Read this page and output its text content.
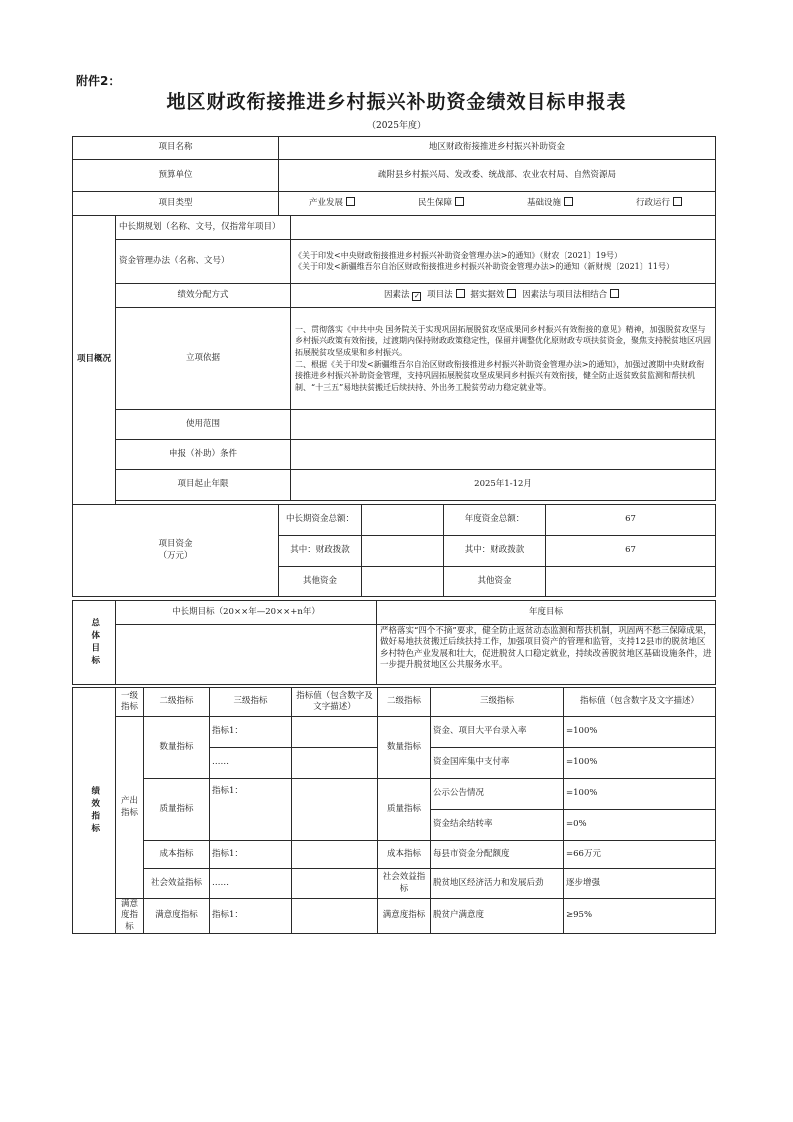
附件2：
地区财政衔接推进乡村振兴补助资金绩效目标申报表
（2025年度）
项目名称		地区财政衔接推进乡村振兴补助资金				
预算单位		疏附县乡村振兴局、发改委、统战部、农业农村局、自然资源局				
项目类型		产业发展 民生保障 基础设施 行政运行				

项目概况	中长期规划（名称、文号，仅指常年项目）					
	资金管理办法（名称、文号）		《关于印发<中央财政衔接推进乡村振兴补助资金管理办法>的通知》（财农〔2021〕19号）
《关于印发<新疆维吾尔自治区财政衔接推进乡村振兴补助资金管理办法>的通知（新财规〔2021〕11号）			

	绩效分配方式		因素法 ✓ 项目法 据实据效 因素法与项目法相结合			
	立项依据		一、贯彻落实《中共中央 国务院关于实现巩固拓展脱贫攻坚成果同乡村振兴有效衔接的意见》精神，加强脱贫攻坚与乡村振兴政策有效衔接，过渡期内保持财政政策稳定性，保留并调整优化原财政专项扶贫资金，聚焦支持脱贫地区巩固拓展脱贫攻坚成果和乡村振兴。
二、根据《关于印发<新疆维吾尔自治区财政衔接推进乡村振兴补助资金管理办法>的通知》，加强过渡期中央财政衔接推进乡村振兴补助资金管理，支持巩固拓展脱贫攻坚成果同乡村振兴有效衔接，健全防止返贫致贫监测和帮扶机制、“十三五”易地扶贫搬迁后续扶持、外出务工脱贫劳动力稳定就业等。			
	使用范围					
	申报（补助）条件					
	项目起止年限		2025年1-12月			

项目资金
（万元）		中长期资金总额：			年度资金总额：	67
		其中：财政拨款			其中：财政拨款	67
		其他资金			其他资金	
总体目标	中长期目标（20××年—20××+n年）	年度目标
		严格落实“四个不摘”要求，健全防止返贫动态监测和帮扶机制，巩固两不愁三保障成果，做好易地扶贫搬迁后续扶持工作，加强项目资产的管理和监管，支持12县市的脱贫地区乡村特色产业发展和壮大，促进脱贫人口稳定就业，持续改善脱贫地区基础设施条件，进一步提升脱贫地区公共服务水平。
绩效指标	一级指标	二级指标	三级指标	指标值（包含数字及文字描述）	二级指标	三级指标	指标值（包含数字及文字描述）
	产出指标	数量指标	指标1：		数量指标	资金、项目大平台录入率	=100%
			……			资金国库集中支付率	=100%
		质量指标	指标1：		质量指标	公示公告情况	=100%
						资金结余结转率	=0%
		成本指标	指标1：		成本指标	每县市资金分配额度	=66万元
		社会效益指标	……		社会效益指标	脱贫地区经济活力和发展后劲	逐步增强
	满意度指标	满意度指标	指标1：		满意度指标	脱贫户满意度	≥95%
